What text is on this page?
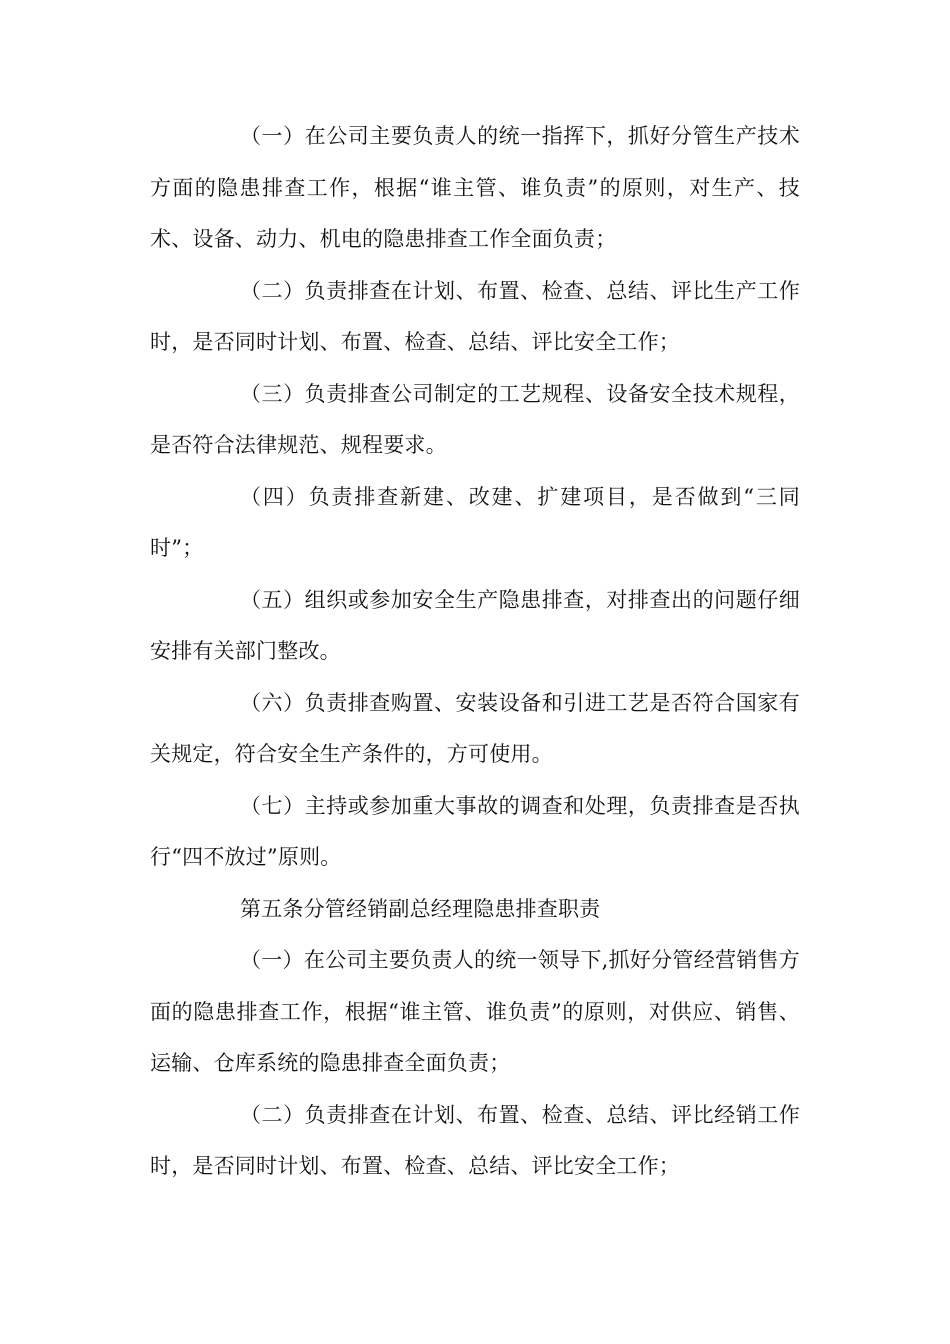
（一）在公司主要负责人的统一指挥下，抓好分管生产技术方面的隐患排查工作，根据“谁主管、谁负责”的原则，对生产、技术、设备、动力、机电的隐患排查工作全面负责；

（二）负责排查在计划、布置、检查、总结、评比生产工作时，是否同时计划、布置、检查、总结、评比安全工作；

（三）负责排查公司制定的工艺规程、设备安全技术规程，是否符合法律规范、规程要求。

（四）负责排查新建、改建、扩建项目，是否做到“三同时”；

（五）组织或参加安全生产隐患排查，对排查出的问题仔细安排有关部门整改。

（六）负责排查购置、安装设备和引进工艺是否符合国家有关规定，符合安全生产条件的，方可使用。

（七）主持或参加重大事故的调查和处理，负责排查是否执行“四不放过”原则。

第五条分管经销副总经理隐患排查职责

（一）在公司主要负责人的统一领导下,抓好分管经营销售方面的隐患排查工作，根据“谁主管、谁负责”的原则，对供应、销售、运输、仓库系统的隐患排查全面负责；

（二）负责排查在计划、布置、检查、总结、评比经销工作时，是否同时计划、布置、检查、总结、评比安全工作；
